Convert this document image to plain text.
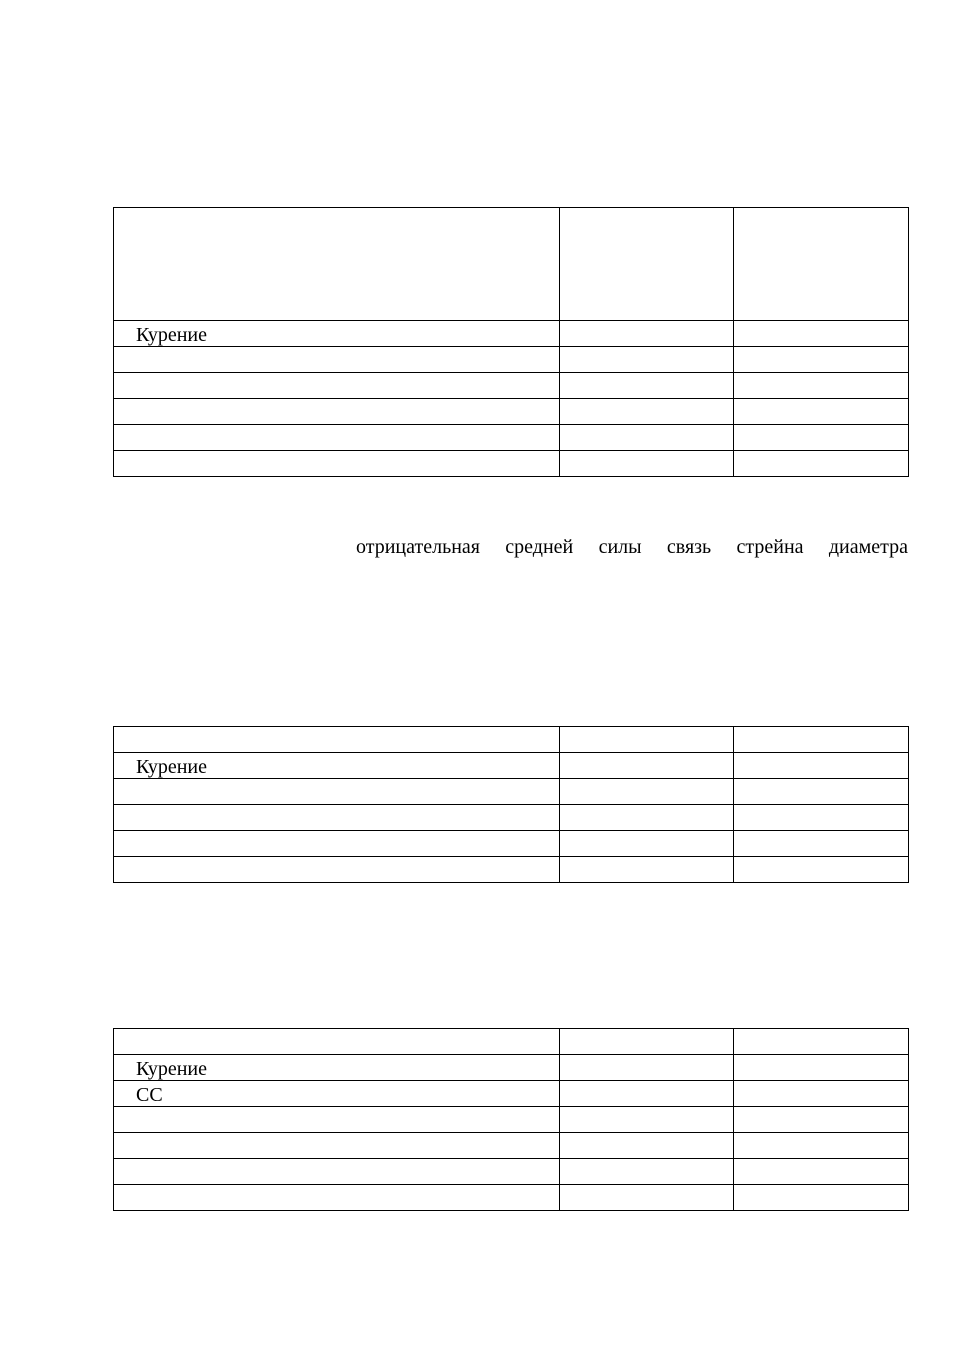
Курение		

отрицательная средней силы связь стрейна диаметра

Курение		

Курение		
СС		
